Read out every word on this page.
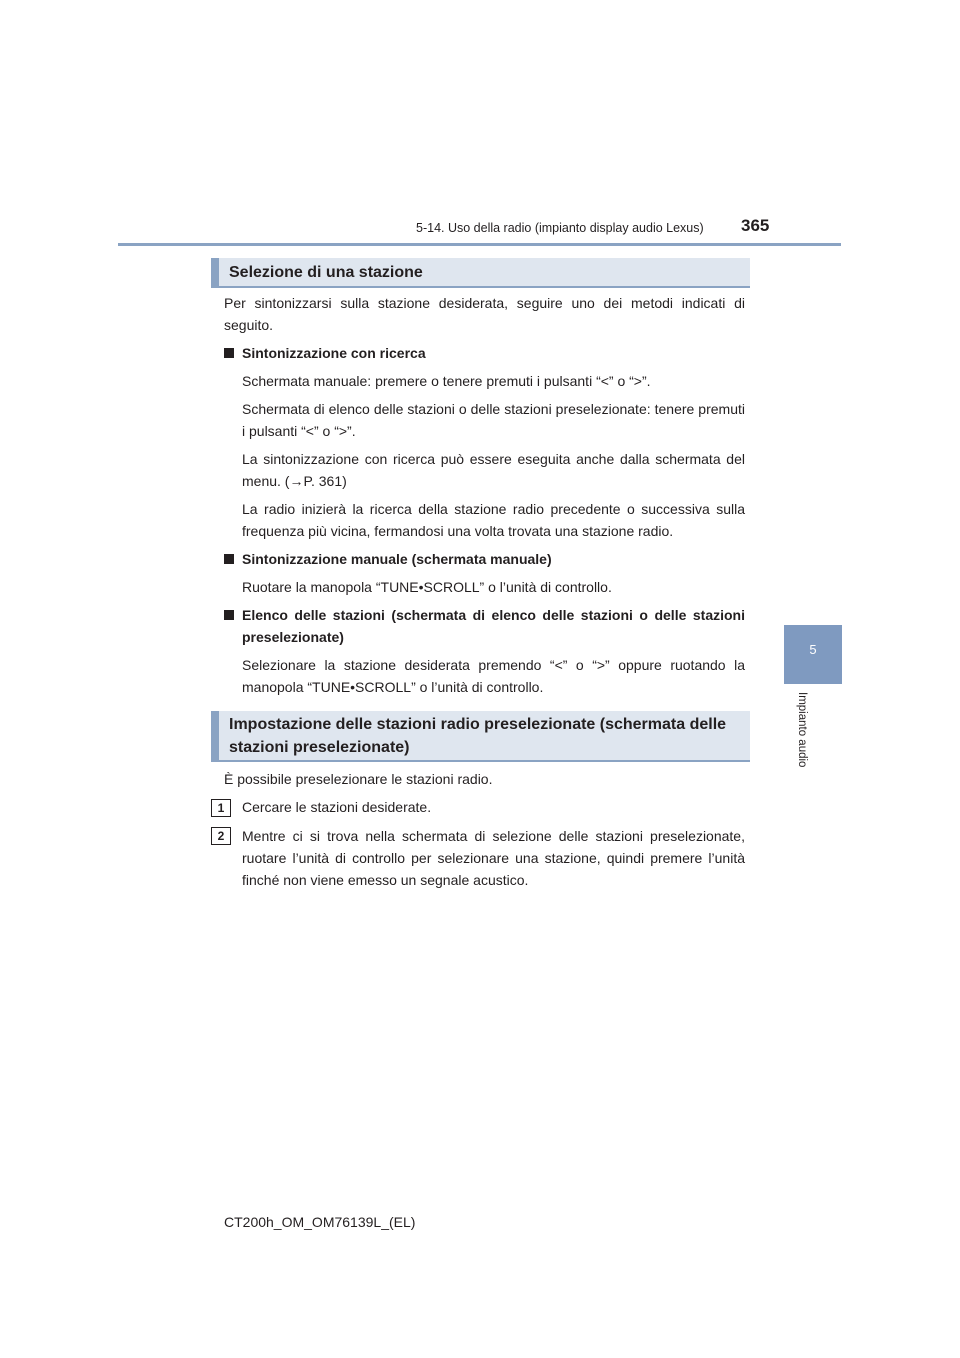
5-14. Uso della radio (impianto display audio Lexus) 365
5
Impianto audio
Selezione di una stazione
Per sintonizzarsi sulla stazione desiderata, seguire uno dei metodi indicati di seguito.
Sintonizzazione con ricerca
Schermata manuale: premere o tenere premuti i pulsanti “<” o “>”.
Schermata di elenco delle stazioni o delle stazioni preselezionate: tenere premuti i pulsanti “<” o “>”.
La sintonizzazione con ricerca può essere eseguita anche dalla schermata del menu. (→P. 361)
La radio inizierà la ricerca della stazione radio precedente o successiva sulla frequenza più vicina, fermandosi una volta trovata una stazione radio.
Sintonizzazione manuale (schermata manuale)
Ruotare la manopola “TUNE•SCROLL” o l’unità di controllo.
Elenco delle stazioni (schermata di elenco delle stazioni o delle stazioni preselezionate)
Selezionare la stazione desiderata premendo “<” o “>” oppure ruotando la manopola “TUNE•SCROLL” o l’unità di controllo.
Impostazione delle stazioni radio preselezionate (schermata delle stazioni preselezionate)
È possibile preselezionare le stazioni radio.
1	Cercare le stazioni desiderate.
2	Mentre ci si trova nella schermata di selezione delle stazioni preselezionate, ruotare l’unità di controllo per selezionare una stazione, quindi premere l’unità finché non viene emesso un segnale acustico.
CT200h_OM_OM76139L_(EL)
